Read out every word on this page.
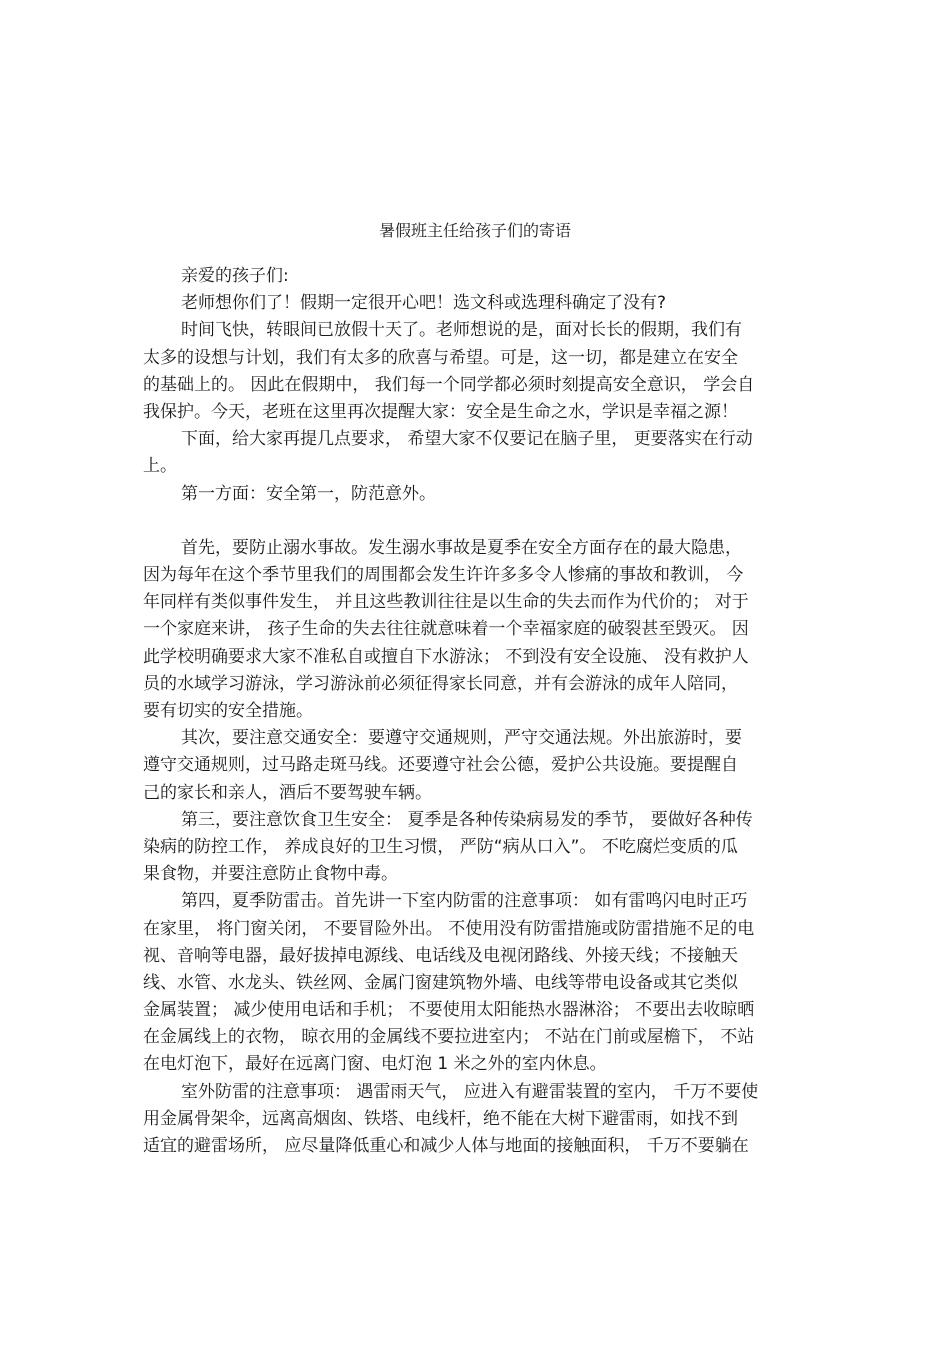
暑假班主任给孩子们的寄语
亲爱的孩子们:
老师想你们了！假期一定很开心吧！选文科或选理科确定了没有?
时间飞快，转眼间已放假十天了。老师想说的是，面对长长的假期，我们有
太多的设想与计划，我们有太多的欣喜与希望。可是，这一切，都是建立在安全
的基础上的。 因此在假期中， 我们每一个同学都必须时刻提高安全意识， 学会自
我保护。今天，老班在这里再次提醒大家：安全是生命之水，学识是幸福之源！
下面，给大家再提几点要求， 希望大家不仅要记在脑子里， 更要落实在行动
上。
第一方面：安全第一，防范意外。
首先，要防止溺水事故。发生溺水事故是夏季在安全方面存在的最大隐患，
因为每年在这个季节里我们的周围都会发生许许多多令人惨痛的事故和教训， 今
年同样有类似事件发生， 并且这些教训往往是以生命的失去而作为代价的； 对于
一个家庭来讲， 孩子生命的失去往往就意味着一个幸福家庭的破裂甚至毁灭。 因
此学校明确要求大家不准私自或擅自下水游泳； 不到没有安全设施、 没有救护人
员的水域学习游泳，学习游泳前必须征得家长同意，并有会游泳的成年人陪同，
要有切实的安全措施。
其次，要注意交通安全：要遵守交通规则，严守交通法规。外出旅游时，要
遵守交通规则，过马路走斑马线。还要遵守社会公德，爱护公共设施。要提醒自
己的家长和亲人，酒后不要驾驶车辆。
第三，要注意饮食卫生安全： 夏季是各种传染病易发的季节， 要做好各种传
染病的防控工作， 养成良好的卫生习惯， 严防“病从口入”。 不吃腐烂变质的瓜
果食物，并要注意防止食物中毒。
第四，夏季防雷击。首先讲一下室内防雷的注意事项： 如有雷鸣闪电时正巧
在家里， 将门窗关闭， 不要冒险外出。 不使用没有防雷措施或防雷措施不足的电
视、音响等电器，最好拔掉电源线、电话线及电视闭路线、外接天线；不接触天
线、水管、水龙头、铁丝网、金属门窗建筑物外墙、电线等带电设备或其它类似
金属装置； 减少使用电话和手机； 不要使用太阳能热水器淋浴； 不要出去收晾晒
在金属线上的衣物， 晾衣用的金属线不要拉进室内； 不站在门前或屋檐下， 不站
在电灯泡下，最好在远离门窗、电灯泡 1 米之外的室内休息。
室外防雷的注意事项： 遇雷雨天气， 应进入有避雷装置的室内， 千万不要使
用金属骨架伞，远离高烟囱、铁塔、电线杆，绝不能在大树下避雷雨，如找不到
适宜的避雷场所， 应尽量降低重心和减少人体与地面的接触面积， 千万不要躺在
